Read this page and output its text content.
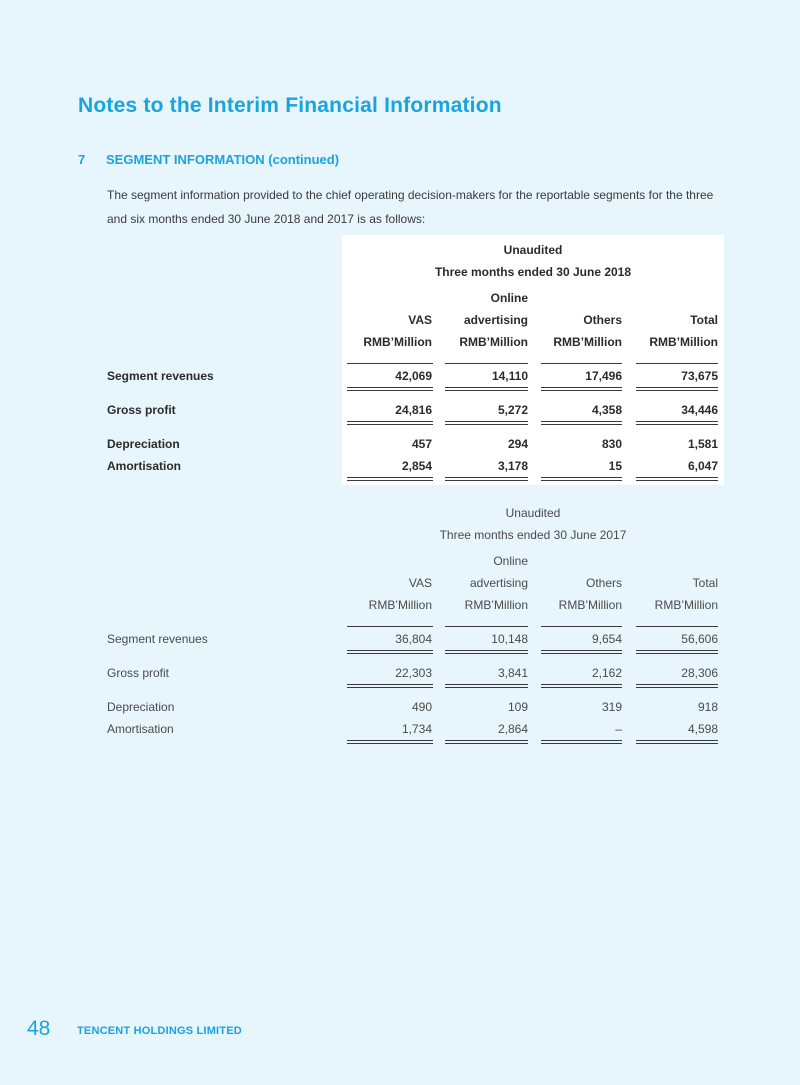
Notes to the Interim Financial Information
7 SEGMENT INFORMATION (continued)
The segment information provided to the chief operating decision-makers for the reportable segments for the three and six months ended 30 June 2018 and 2017 is as follows:
Unaudited
Three months ended 30 June 2018
Online
VAS	advertising	Others	Total
RMB’Million	RMB’Million	RMB’Million	RMB’Million
Segment revenues	42,069	14,110	17,496	73,675
Gross profit	24,816	5,272	4,358	34,446
Depreciation	457	294	830	1,581
Amortisation	2,854	3,178	15	6,047
Unaudited
Three months ended 30 June 2017
Online
VAS	advertising	Others	Total
RMB’Million	RMB’Million	RMB’Million	RMB’Million
Segment revenues	36,804	10,148	9,654	56,606
Gross profit	22,303	3,841	2,162	28,306
Depreciation	490	109	319	918
Amortisation	1,734	2,864	–	4,598
48 TENCENT HOLDINGS LIMITED
